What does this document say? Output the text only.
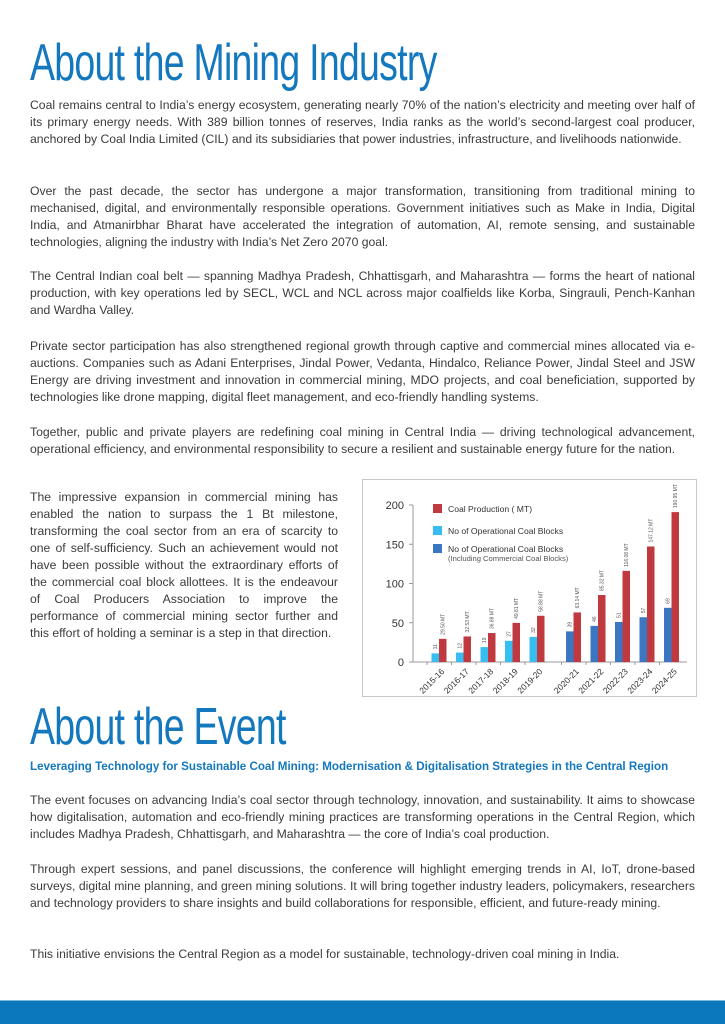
About the Mining Industry

Coal remains central to India’s energy ecosystem, generating nearly 70% of the nation’s electricity and meeting over half of its primary energy needs. With 389 billion tonnes of reserves, India ranks as the world’s second-largest coal producer, anchored by Coal India Limited (CIL) and its subsidiaries that power industries, infrastructure, and livelihoods nationwide.

Over the past decade, the sector has undergone a major transformation, transitioning from traditional mining to mechanised, digital, and environmentally responsible operations. Government initiatives such as Make in India, Digital India, and Atmanirbhar Bharat have accelerated the integration of automation, AI, remote sensing, and sustainable technologies, aligning the industry with India’s Net Zero 2070 goal.

The Central Indian coal belt — spanning Madhya Pradesh, Chhattisgarh, and Maharashtra — forms the heart of national production, with key operations led by SECL, WCL and NCL across major coalfields like Korba, Singrauli, Pench-Kanhan and Wardha Valley.

Private sector participation has also strengthened regional growth through captive and commercial mines allocated via e-auctions. Companies such as Adani Enterprises, Jindal Power, Vedanta, Hindalco, Reliance Power, Jindal Steel and JSW Energy are driving investment and innovation in commercial mining, MDO projects, and coal beneficiation, supported by technologies like drone mapping, digital fleet management, and eco-friendly handling systems.

Together, public and private players are redefining coal mining in Central India — driving technological advancement, operational efficiency, and environmental responsibility to secure a resilient and sustainable energy future for the nation.

The impressive expansion in commercial mining has enabled the nation to surpass the 1 Bt milestone, transforming the coal sector from an era of scarcity to one of self-sufficiency. Such an achievement would not have been possible without the extraordinary efforts of the commercial coal block allottees. It is the endeavour of Coal Producers Association to improve the performance of commercial mining sector further and this effort of holding a seminar is a step in that direction.

0
50
100
150
200
11
29.50 MT
2015-16
12
32.53 MT
2016-17
19
36.88 MT
2017-18
27
49.81 MT
2018-19
32
58.88 MT
2019-20
39
63.14 MT
2020-21
46
85.32 MT
2021-22
51
116.08 MT
2022-23
57
147.12 MT
2023-24
69
190.95 MT
2024-25
Coal Production ( MT)
No of Operational Coal Blocks
No of Operational Coal Blocks
(Including Commercial Coal Blocks)
About the Event
Leveraging Technology for Sustainable Coal Mining: Modernisation & Digitalisation Strategies in the Central Region

The event focuses on advancing India’s coal sector through technology, innovation, and sustainability. It aims to showcase how digitalisation, automation and eco-friendly mining practices are transforming operations in the Central Region, which includes Madhya Pradesh, Chhattisgarh, and Maharashtra — the core of India’s coal production.

Through expert sessions, and panel discussions, the conference will highlight emerging trends in AI, IoT, drone-based surveys, digital mine planning, and green mining solutions. It will bring together industry leaders, policymakers, researchers and technology providers to share insights and build collaborations for responsible, efficient, and future-ready mining.

This initiative envisions the Central Region as a model for sustainable, technology-driven coal mining in India.
